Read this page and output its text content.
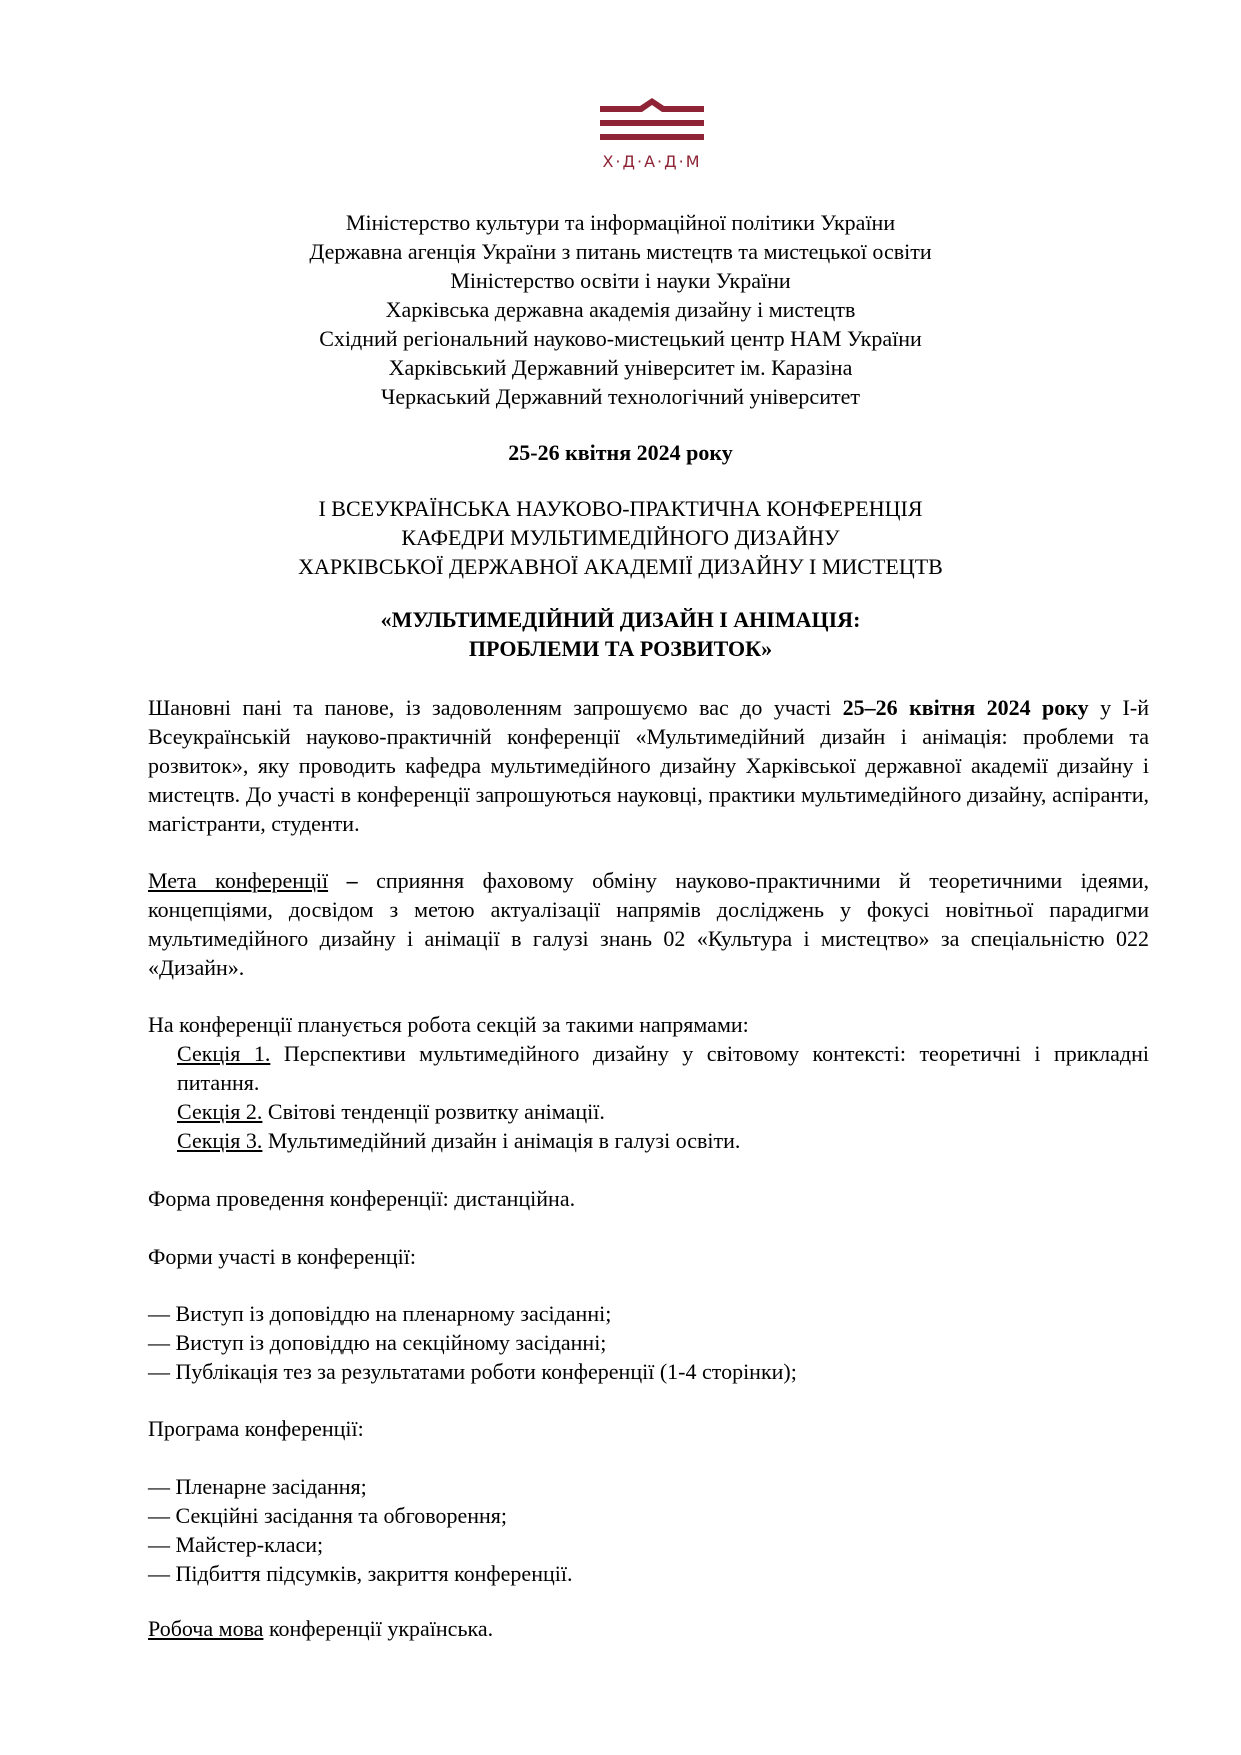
Х·Д·А·Д·М
Міністерство культури та інформаційної політики України
Державна агенція України з питань мистецтв та мистецької освіти
Міністерство освіти і науки України
Харківська державна академія дизайну і мистецтв
Східний регіональний науково-мистецький центр НАМ України
Харківський Державний університет ім. Каразіна
Черкаський Державний технологічний університет
25-26 квітня 2024 року
І ВСЕУКРАЇНСЬКА НАУКОВО-ПРАКТИЧНА КОНФЕРЕНЦІЯ
КАФЕДРИ МУЛЬТИМЕДІЙНОГО ДИЗАЙНУ
ХАРКІВСЬКОЇ ДЕРЖАВНОЇ АКАДЕМІЇ ДИЗАЙНУ І МИСТЕЦТВ
«МУЛЬТИМЕДІЙНИЙ ДИЗАЙН І АНІМАЦІЯ:
ПРОБЛЕМИ ТА РОЗВИТОК»

Шановні пані та панове, із задоволенням запрошуємо вас до участі 25–26 квітня 2024 року у І-й Всеукраїнській науково-практичній конференції «Мультимедійний дизайн і анімація: проблеми та розвиток», яку проводить кафедра мультимедійного дизайну Харківської державної академії дизайну і мистецтв. До участі в конференції запрошуються науковці, практики мультимедійного дизайну, аспіранти, магістранти, студенти.

Мета конференції – сприяння фаховому обміну науково-практичними й теоретичними ідеями, концепціями, досвідом з метою актуалізації напрямів досліджень у фокусі новітньої парадигми мультимедійного дизайну і анімації в галузі знань 02 «Культура і мистецтво» за спеціальністю 022 «Дизайн».

На конференції планується робота секцій за такими напрямами:

Секція 1. Перспективи мультимедійного дизайну у світовому контексті: теоретичні і прикладні питання.

Секція 2. Світові тенденції розвитку анімації.

Секція 3. Мультимедійний дизайн і анімація в галузі освіти.

Форма проведення конференції: дистанційна.
Форми участі в конференції:
— Виступ із доповіддю на пленарному засіданні;
— Виступ із доповіддю на секційному засіданні;
— Публікація тез за результатами роботи конференції (1-4 сторінки);
Програма конференції:
— Пленарне засідання;
— Секційні засідання та обговорення;
— Майстер-класи;
— Підбиття підсумків, закриття конференції.
Робоча мова конференції українська.
